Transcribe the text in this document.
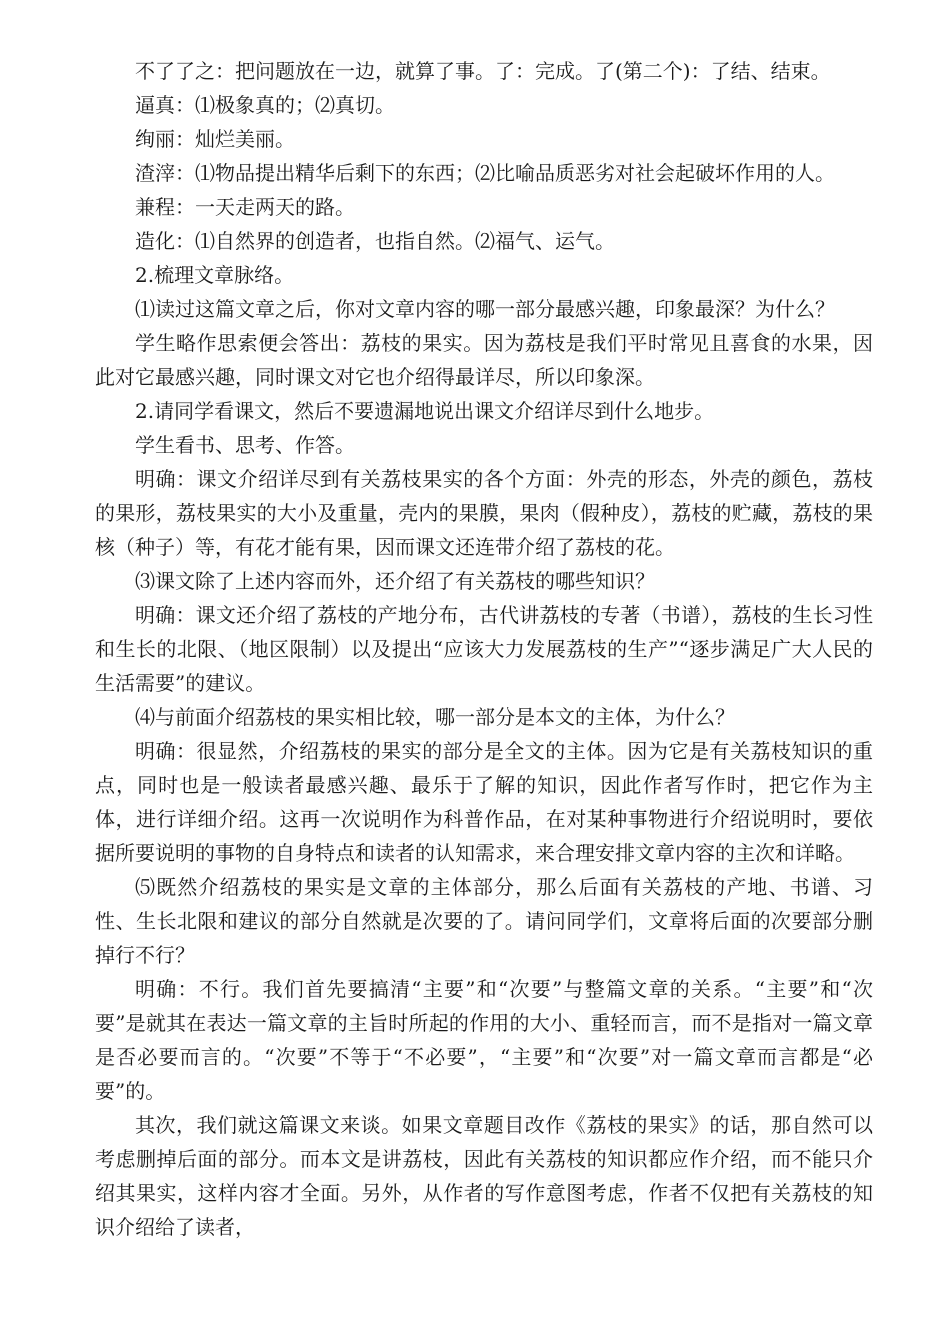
不了了之：把问题放在一边，就算了事。了：完成。了(第二个)：了结、结束。

逼真：⑴极象真的；⑵真切。

绚丽：灿烂美丽。

渣滓：⑴物品提出精华后剩下的东西；⑵比喻品质恶劣对社会起破坏作用的人。

兼程：一天走两天的路。

造化：⑴自然界的创造者，也指自然。⑵福气、运气。

2.梳理文章脉络。

⑴读过这篇文章之后，你对文章内容的哪一部分最感兴趣，印象最深？为什么？

学生略作思索便会答出：荔枝的果实。因为荔枝是我们平时常见且喜食的水果，因此对它最感兴趣，同时课文对它也介绍得最详尽，所以印象深。

2.请同学看课文，然后不要遗漏地说出课文介绍详尽到什么地步。

学生看书、思考、作答。

明确：课文介绍详尽到有关荔枝果实的各个方面：外壳的形态，外壳的颜色，荔枝的果形，荔枝果实的大小及重量，壳内的果膜，果肉（假种皮），荔枝的贮藏，荔枝的果核（种子）等，有花才能有果，因而课文还连带介绍了荔枝的花。

⑶课文除了上述内容而外，还介绍了有关荔枝的哪些知识？

明确：课文还介绍了荔枝的产地分布，古代讲荔枝的专著（书谱），荔枝的生长习性和生长的北限、（地区限制）以及提出“应该大力发展荔枝的生产”“逐步满足广大人民的生活需要”的建议。

⑷与前面介绍荔枝的果实相比较，哪一部分是本文的主体，为什么？

明确：很显然，介绍荔枝的果实的部分是全文的主体。因为它是有关荔枝知识的重点，同时也是一般读者最感兴趣、最乐于了解的知识，因此作者写作时，把它作为主体，进行详细介绍。这再一次说明作为科普作品，在对某种事物进行介绍说明时，要依据所要说明的事物的自身特点和读者的认知需求，来合理安排文章内容的主次和详略。

⑸既然介绍荔枝的果实是文章的主体部分，那么后面有关荔枝的产地、书谱、习性、生长北限和建议的部分自然就是次要的了。请问同学们，文章将后面的次要部分删掉行不行？

明确：不行。我们首先要搞清“主要”和“次要”与整篇文章的关系。“主要”和“次要”是就其在表达一篇文章的主旨时所起的作用的大小、重轻而言，而不是指对一篇文章是否必要而言的。“次要”不等于“不必要”，“主要”和“次要”对一篇文章而言都是“必要”的。

其次，我们就这篇课文来谈。如果文章题目改作《荔枝的果实》的话，那自然可以考虑删掉后面的部分。而本文是讲荔枝，因此有关荔枝的知识都应作介绍，而不能只介绍其果实，这样内容才全面。另外，从作者的写作意图考虑，作者不仅把有关荔枝的知识介绍给了读者，
